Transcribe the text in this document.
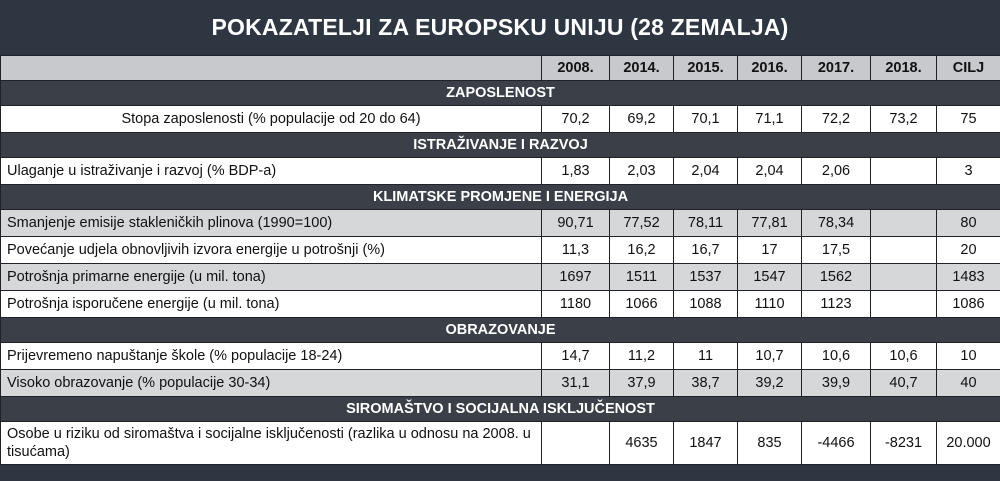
POKAZATELJI ZA EUROPSKU UNIJU (28 ZEMALJA)
	2008.	2014.	2015.	2016.	2017.	2018.	CILJ
ZAPOSLENOST							
Stopa zaposlenosti (% populacije od 20 do 64)	70,2	69,2	70,1	71,1	72,2	73,2	75
ISTRAŽIVANJE I RAZVOJ							
Ulaganje u istraživanje i razvoj (% BDP-a)	1,83	2,03	2,04	2,04	2,06		3
KLIMATSKE PROMJENE I ENERGIJA							
Smanjenje emisije stakleničkih plinova (1990=100)	90,71	77,52	78,11	77,81	78,34		80
Povećanje udjela obnovljivih izvora energije u potrošnji (%)	11,3	16,2	16,7	17	17,5		20
Potrošnja primarne energije (u mil. tona)	1697	1511	1537	1547	1562		1483
Potrošnja isporučene energije (u mil. tona)	1180	1066	1088	1110	1123		1086
OBRAZOVANJE							
Prijevremeno napuštanje škole (% populacije 18-24)	14,7	11,2	11	10,7	10,6	10,6	10
Visoko obrazovanje (% populacije 30-34)	31,1	37,9	38,7	39,2	39,9	40,7	40
SIROMAŠTVO I SOCIJALNA ISKLJUČENOST							
Osobe u riziku od siromaštva i socijalne isključenosti (razlika u odnosu na 2008. u tisućama)		4635	1847	835	-4466	-8231	20.000
